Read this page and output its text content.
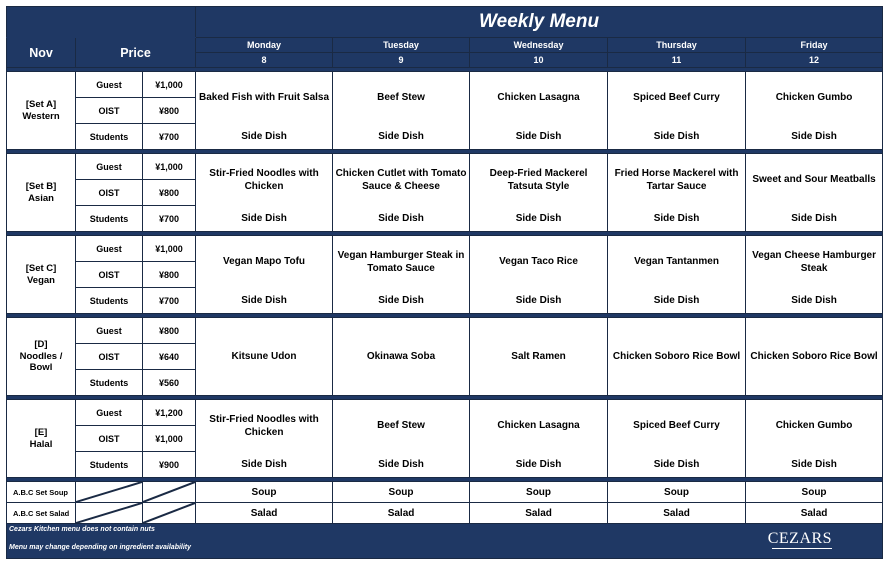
			Weekly Menu				
Nov	Price		Monday	Tuesday	Wednesday	Thursday	Friday
			8	9	10	11	12

[Set A]
Western	Guest	¥1,000	Baked Fish with Fruit Salsa	Beef Stew	Chicken Lasagna	Spiced Beef Curry	Chicken Gumbo
	OIST	¥800					
	Students	¥700	Side Dish	Side Dish	Side Dish	Side Dish	Side Dish

[Set B]
Asian	Guest	¥1,000	Stir-Fried Noodles with Chicken	Chicken Cutlet with Tomato Sauce & Cheese	Deep-Fried Mackerel Tatsuta Style	Fried Horse Mackerel with Tartar Sauce	Sweet and Sour Meatballs
	OIST	¥800					
	Students	¥700	Side Dish	Side Dish	Side Dish	Side Dish	Side Dish

[Set C]
Vegan	Guest	¥1,000	Vegan Mapo Tofu	Vegan Hamburger Steak in Tomato Sauce	Vegan Taco Rice	Vegan Tantanmen	Vegan Cheese Hamburger Steak
	OIST	¥800					
	Students	¥700	Side Dish	Side Dish	Side Dish	Side Dish	Side Dish

[D]
Noodles /
Bowl	Guest	¥800	Kitsune Udon	Okinawa Soba	Salt Ramen	Chicken Soboro Rice Bowl	Chicken Soboro Rice Bowl
	OIST	¥640					
	Students	¥560					

[E]
Halal	Guest	¥1,200	Stir-Fried Noodles with Chicken	Beef Stew	Chicken Lasagna	Spiced Beef Curry	Chicken Gumbo
	OIST	¥1,000					
	Students	¥900	Side Dish	Side Dish	Side Dish	Side Dish	Side Dish

A.B.C Set Soup			Soup	Soup	Soup	Soup	Soup
A.B.C Set Salad			Salad	Salad	Salad	Salad	Salad

Cezars Kitchen menu does not contain nuts
Menu may change depending on ingredient availability
CEZARS							
